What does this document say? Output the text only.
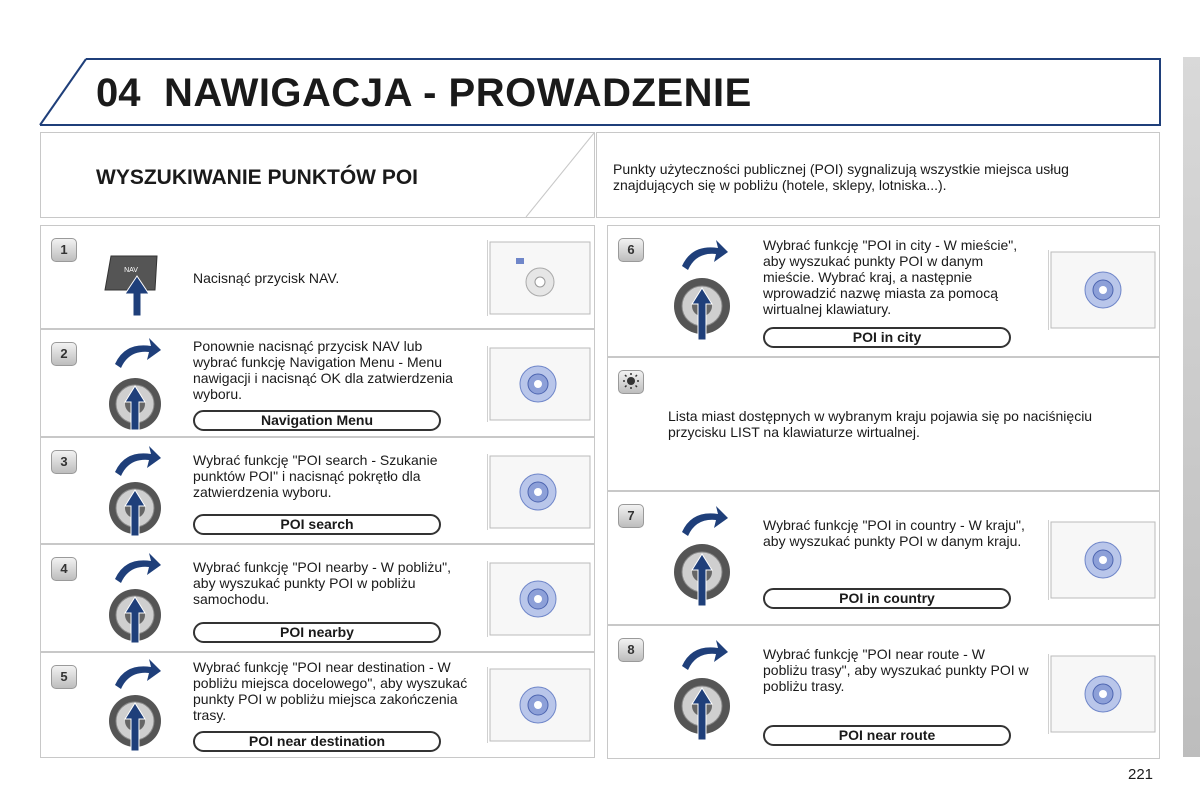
04 NAWIGACJA - PROWADZENIE
WYSZUKIWANIE PUNKTÓW POI	Punkty użyteczności publicznej (POI) sygnalizują wszystkie miejsca usług znajdujących się w pobliżu (hotele, sklepy, lotniska...).
1
NAV	Nacisnąć przycisk NAV.
2	Ponownie nacisnąć przycisk NAV lub wybrać funkcję Navigation Menu - Menu nawigacji i nacisnąć OK dla zatwierdzenia wyboru.
Navigation Menu
3	Wybrać funkcję "POI search - Szukanie punktów POI" i nacisnąć pokrętło dla zatwierdzenia wyboru.
POI search
4	Wybrać funkcję "POI nearby - W pobliżu", aby wyszukać punkty POI w pobliżu samochodu.
POI nearby
5
Wybrać funkcję "POI near destination - W pobliżu miejsca docelowego", aby wyszukać punkty POI w pobliżu miejsca zakończenia trasy.
POI near destination
6	Wybrać funkcję "POI in city - W mieście", aby wyszukać punkty POI w danym mieście. Wybrać kraj, a następnie wprowadzić nazwę miasta za pomocą wirtualnej klawiatury.
POI in city
Lista miast dostępnych w wybranym kraju pojawia się po naciśnięciu przycisku LIST na klawiaturze wirtualnej.
7
Wybrać funkcję "POI in country - W kraju", aby wyszukać punkty POI w danym kraju.
POI in country
8	Wybrać funkcję "POI near route - W pobliżu trasy", aby wyszukać punkty POI w pobliżu trasy.
POI near route
221
